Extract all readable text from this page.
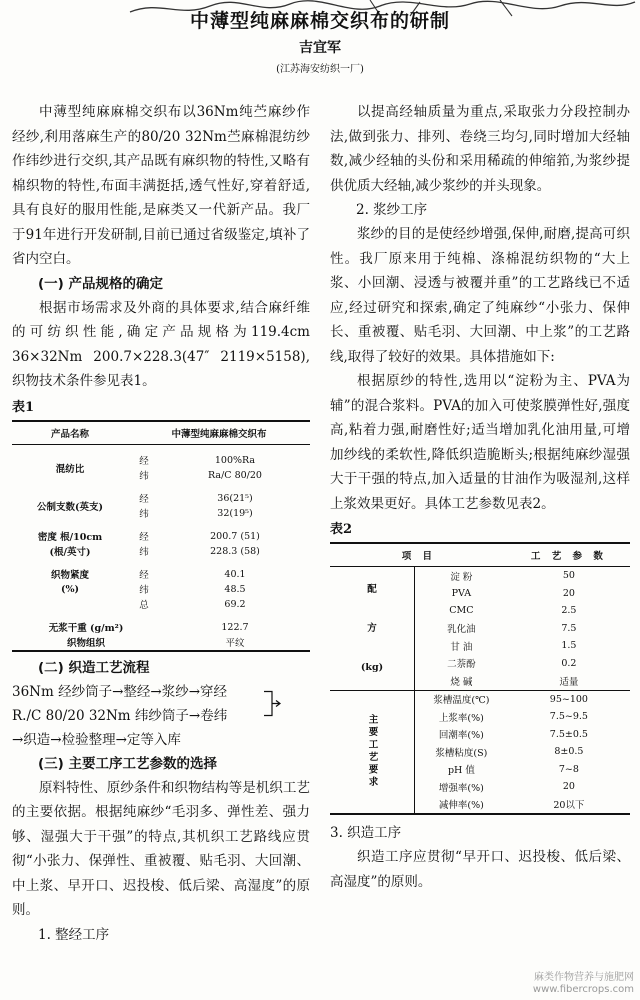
中薄型纯麻麻棉交织布的研制
吉宜军
(江苏海安纺织一厂)

中薄型纯麻麻棉交织布以36Nm纯苎麻纱作经纱,利用落麻生产的80/20 32Nm苎麻棉混纺纱作纬纱进行交织,其产品既有麻织物的特性,又略有棉织物的特性,布面丰满挺括,透气性好,穿着舒适,具有良好的服用性能,是麻类又一代新产品。我厂于91年进行开发研制,目前已通过省级鉴定,填补了省内空白。

(一) 产品规格的确定

根据市场需求及外商的具体要求,结合麻纤维的可纺织性能,确定产品规格为119.4cm 36×32Nm 200.7×228.3(47″ 2119×5158),织物技术条件参见表1。

表1
产品名称	中薄型纯麻麻棉交织布	

混纺比	经	100%Ra
	纬	Ra/C 80/20

公制支数(英支)	经	36(21⁵)
	纬	32(19⁵)

密度 根/10cm	经	200.7 (51)
(根/英寸)	纬	228.3 (58)

织物紧度	经	40.1
(%)	纬	48.5
	总	69.2

无浆干重 (g/m²)		122.7
织物组织		平纹
(二) 织造工艺流程
36Nm 经纱筒子→整经→浆纱→穿经
R./C 80/20 32Nm 纬纱筒子→卷纬
→织造→检验整理→定等入库
(三) 主要工序工艺参数的选择

原料特性、原纱条件和织物结构等是机织工艺的主要依据。根据纯麻纱“毛羽多、弹性差、强力够、湿强大于干强”的特点,其机织工艺路线应贯彻“小张力、保弹性、重被覆、贴毛羽、大回潮、中上浆、早开口、迟投梭、低后梁、高湿度”的原则。

1. 整经工序

以提高经轴质量为重点,采取张力分段控制办法,做到张力、排列、卷绕三均匀,同时增加大经轴数,减少经轴的头份和采用稀疏的伸缩筘,为浆纱提供优质大经轴,减少浆纱的并头现象。

2. 浆纱工序

浆纱的目的是使经纱增强,保伸,耐磨,提高可织性。我厂原来用于纯棉、涤棉混纺织物的“大上浆、小回潮、浸透与被覆并重”的工艺路线已不适应,经过研究和探索,确定了纯麻纱“小张力、保伸长、重被覆、贴毛羽、大回潮、中上浆”的工艺路线,取得了较好的效果。具体措施如下:

根据原纱的特性,选用以“淀粉为主、PVA为辅”的混合浆料。PVA的加入可使浆膜弹性好,强度高,粘着力强,耐磨性好;适当增加乳化油用量,可增加纱线的柔软性,降低织造脆断头;根据纯麻纱湿强大于干强的特点,加入适量的甘油作为吸湿剂,这样上浆效果更好。具体工艺参数见表2。

表2
项 目		工 艺 参 数
配

方

(kg)	淀 粉	50
	PVA	20
	CMC	2.5
	乳化油	7.5
	甘 油	1.5
	二萘酚	0.2
	烧 碱	适量
主要工艺要求	浆槽温度(℃)	95~100
	上浆率(%)	7.5~9.5
	回潮率(%)	7.5±0.5
	浆槽粘度(S)	8±0.5
	pH 值	7~8
	增强率(%)	20
	减伸率(%)	20以下
3. 织造工序

织造工序应贯彻“早开口、迟投梭、低后梁、高湿度”的原则。

麻类作物营养与施肥网
www.fibercrops.com
